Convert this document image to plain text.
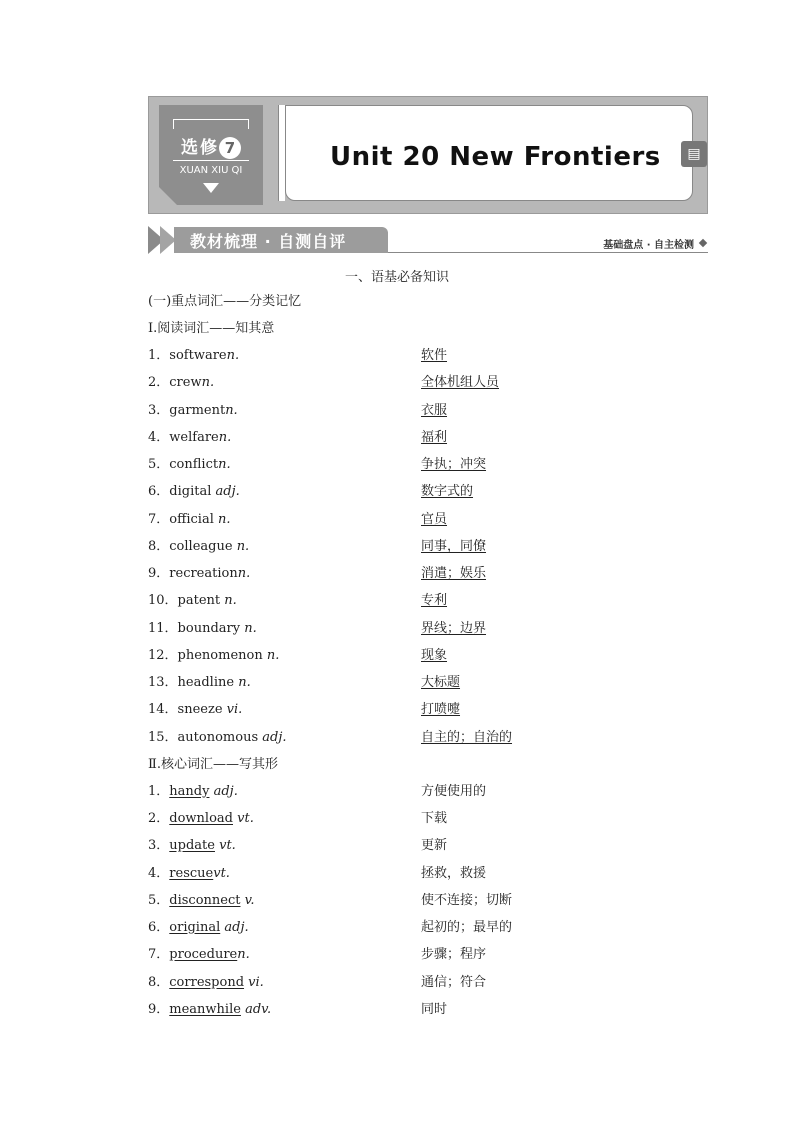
选修 7
XUAN XIU QI	Unit 20 New Frontiers	▤
教材梳理 · 自测自评	基础盘点 · 自主检测
一、语基必备知识
(一)重点词汇——分类记忆
Ⅰ.阅读词汇——知其意
1．softwaren.	软件
2．crewn.	全体机组人员
3．garmentn.	衣服
4．welfaren.	福利
5．conflictn.	争执；冲突
6．digital adj.	数字式的
7．official n.	官员
8．colleague n.	同事，同僚
9．recreationn.	消遣；娱乐
10．patent n.	专利
11．boundary n.	界线；边界
12．phenomenon n.	现象
13．headline n.	大标题
14．sneeze vi.	打喷嚏
15．autonomous adj.	自主的；自治的
Ⅱ.核心词汇——写其形
1．handy adj.	方便使用的
2．download vt.	下载
3．update vt.	更新
4．rescuevt.	拯救，救援
5．disconnect v.	使不连接；切断
6．original adj.	起初的；最早的
7．proceduren.	步骤；程序
8．correspond vi.	通信；符合
9．meanwhile adv.	同时
